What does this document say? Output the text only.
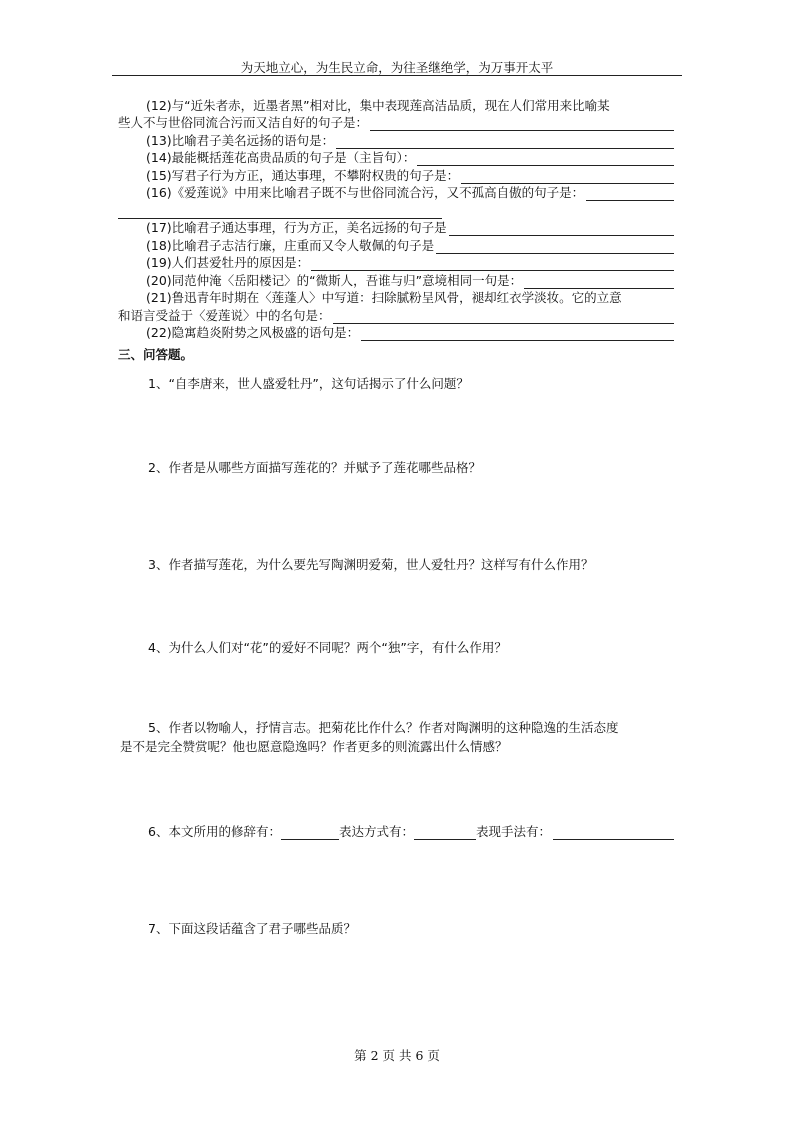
为天地立心，为生民立命，为往圣继绝学，为万事开太平
(12)与“近朱者赤，近墨者黑”相对比，集中表现莲高洁品质，现在人们常用来比喻某
些人不与世俗同流合污而又洁自好的句子是：
(13)比喻君子美名远扬的语句是：
(14)最能概括莲花高贵品质的句子是（主旨句）：
(15)写君子行为方正，通达事理，不攀附权贵的句子是：
(16)《爱莲说》中用来比喻君子既不与世俗同流合污，又不孤高自傲的句子是：
(17)比喻君子通达事理，行为方正，美名远扬的句子是
(18)比喻君子志洁行廉，庄重而又令人敬佩的句子是
(19)人们甚爱牡丹的原因是：
(20)同范仲淹〈岳阳楼记〉的“微斯人，吾谁与归”意境相同一句是：
(21)鲁迅青年时期在〈莲蓬人〉中写道：扫除腻粉呈风骨，褪却红衣学淡妆。它的立意
和语言受益于〈爱莲说〉中的名句是：
(22)隐寓趋炎附势之风极盛的语句是：
三、问答题。
1、“自李唐来，世人盛爱牡丹”，这句话揭示了什么问题？
2、作者是从哪些方面描写莲花的？并赋予了莲花哪些品格？
3、作者描写莲花，为什么要先写陶渊明爱菊，世人爱牡丹？这样写有什么作用？
4、为什么人们对“花”的爱好不同呢？两个“独”字，有什么作用？
5、作者以物喻人，抒情言志。把菊花比作什么？作者对陶渊明的这种隐逸的生活态度
是不是完全赞赏呢？他也愿意隐逸吗？作者更多的则流露出什么情感？
6、本文所用的修辞有：	表达方式有：	表现手法有：
7、下面这段话蕴含了君子哪些品质？
第 2 页 共 6 页
